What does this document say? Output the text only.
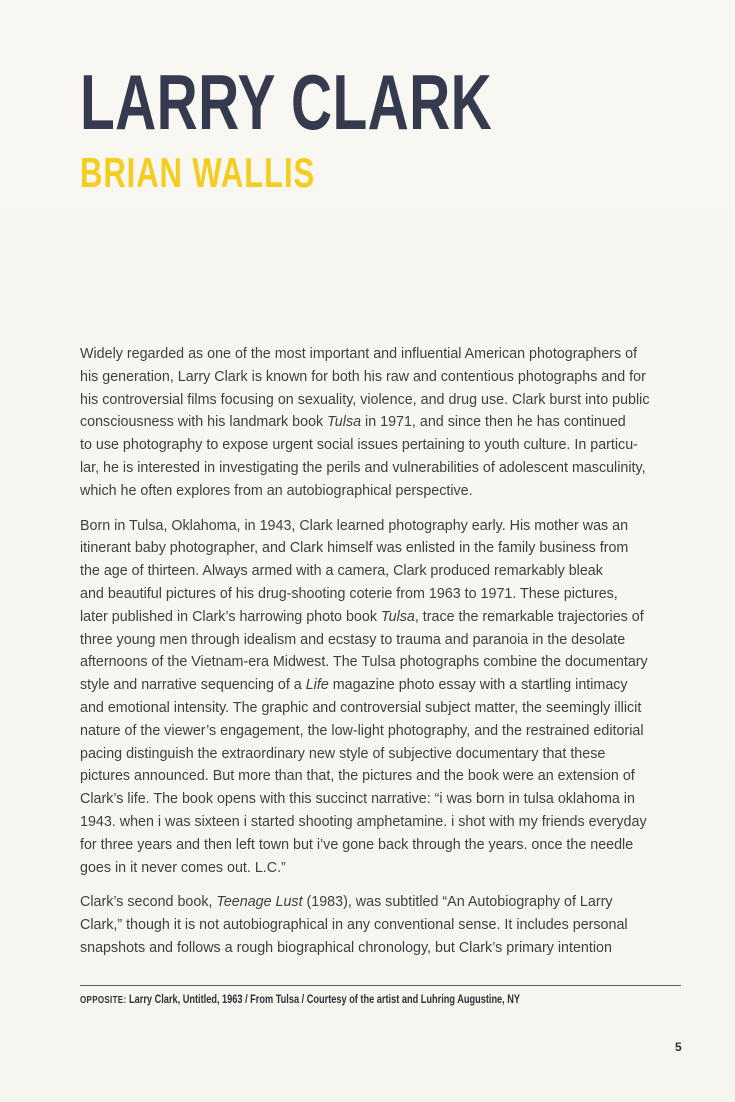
LARRY CLARK
BRIAN WALLIS

Widely regarded as one of the most important and influential American photographers of
his generation, Larry Clark is known for both his raw and contentious photographs and for
his controversial films focusing on sexuality, violence, and drug use. Clark burst into public
consciousness with his landmark book Tulsa in 1971, and since then he has continued
to use photography to expose urgent social issues pertaining to youth culture. In particu-
lar, he is interested in investigating the perils and vulnerabilities of adolescent masculinity,
which he often explores from an autobiographical perspective.

Born in Tulsa, Oklahoma, in 1943, Clark learned photography early. His mother was an
itinerant baby photographer, and Clark himself was enlisted in the family business from
the age of thirteen. Always armed with a camera, Clark produced remarkably bleak
and beautiful pictures of his drug-shooting coterie from 1963 to 1971. These pictures,
later published in Clark’s harrowing photo book Tulsa, trace the remarkable trajectories of
three young men through idealism and ecstasy to trauma and paranoia in the desolate
afternoons of the Vietnam-era Midwest. The Tulsa photographs combine the documentary
style and narrative sequencing of a Life magazine photo essay with a startling intimacy
and emotional intensity. The graphic and controversial subject matter, the seemingly illicit
nature of the viewer’s engagement, the low-light photography, and the restrained editorial
pacing distinguish the extraordinary new style of subjective documentary that these
pictures announced. But more than that, the pictures and the book were an extension of
Clark’s life. The book opens with this succinct narrative: “i was born in tulsa oklahoma in
1943. when i was sixteen i started shooting amphetamine. i shot with my friends everyday
for three years and then left town but i’ve gone back through the years. once the needle
goes in it never comes out. L.C.”

Clark’s second book, Teenage Lust (1983), was subtitled “An Autobiography of Larry
Clark,” though it is not autobiographical in any conventional sense. It includes personal
snapshots and follows a rough biographical chronology, but Clark’s primary intention

OPPOSITE: Larry Clark, Untitled, 1963 / From Tulsa / Courtesy of the artist and Luhring Augustine, NY

5
